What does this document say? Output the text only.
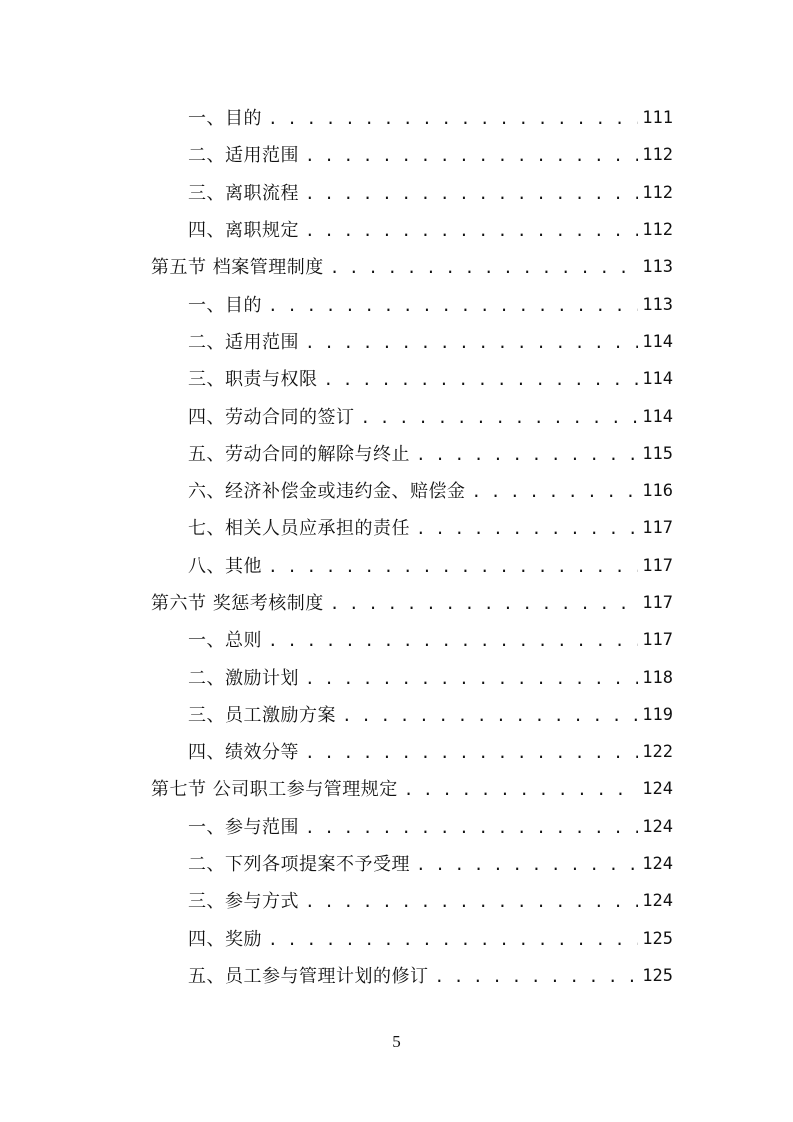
一、目的 . . .	111
二、适用范围 . . .	112
三、离职流程 . . .	112
四、离职规定 . . .	112
第五节 档案管理制度 . . .	113
一、目的 . . .	113
二、适用范围 . . .	114
三、职责与权限 . . .	114
四、劳动合同的签订 . . .	114
五、劳动合同的解除与终止 . . .	115
六、经济补偿金或违约金、赔偿金 . . .	116
七、相关人员应承担的责任 . . .	117
八、其他 . . .	117
第六节 奖惩考核制度 . . .	117
一、总则 . . .	117
二、激励计划 . . .	118
三、员工激励方案 . . .	119
四、绩效分等 . . .	122
第七节 公司职工参与管理规定 . . .	124
一、参与范围 . . .	124
二、下列各项提案不予受理 . . .	124
三、参与方式 . . .	124
四、奖励 . . .	125
五、员工参与管理计划的修订 . . .	125
5
